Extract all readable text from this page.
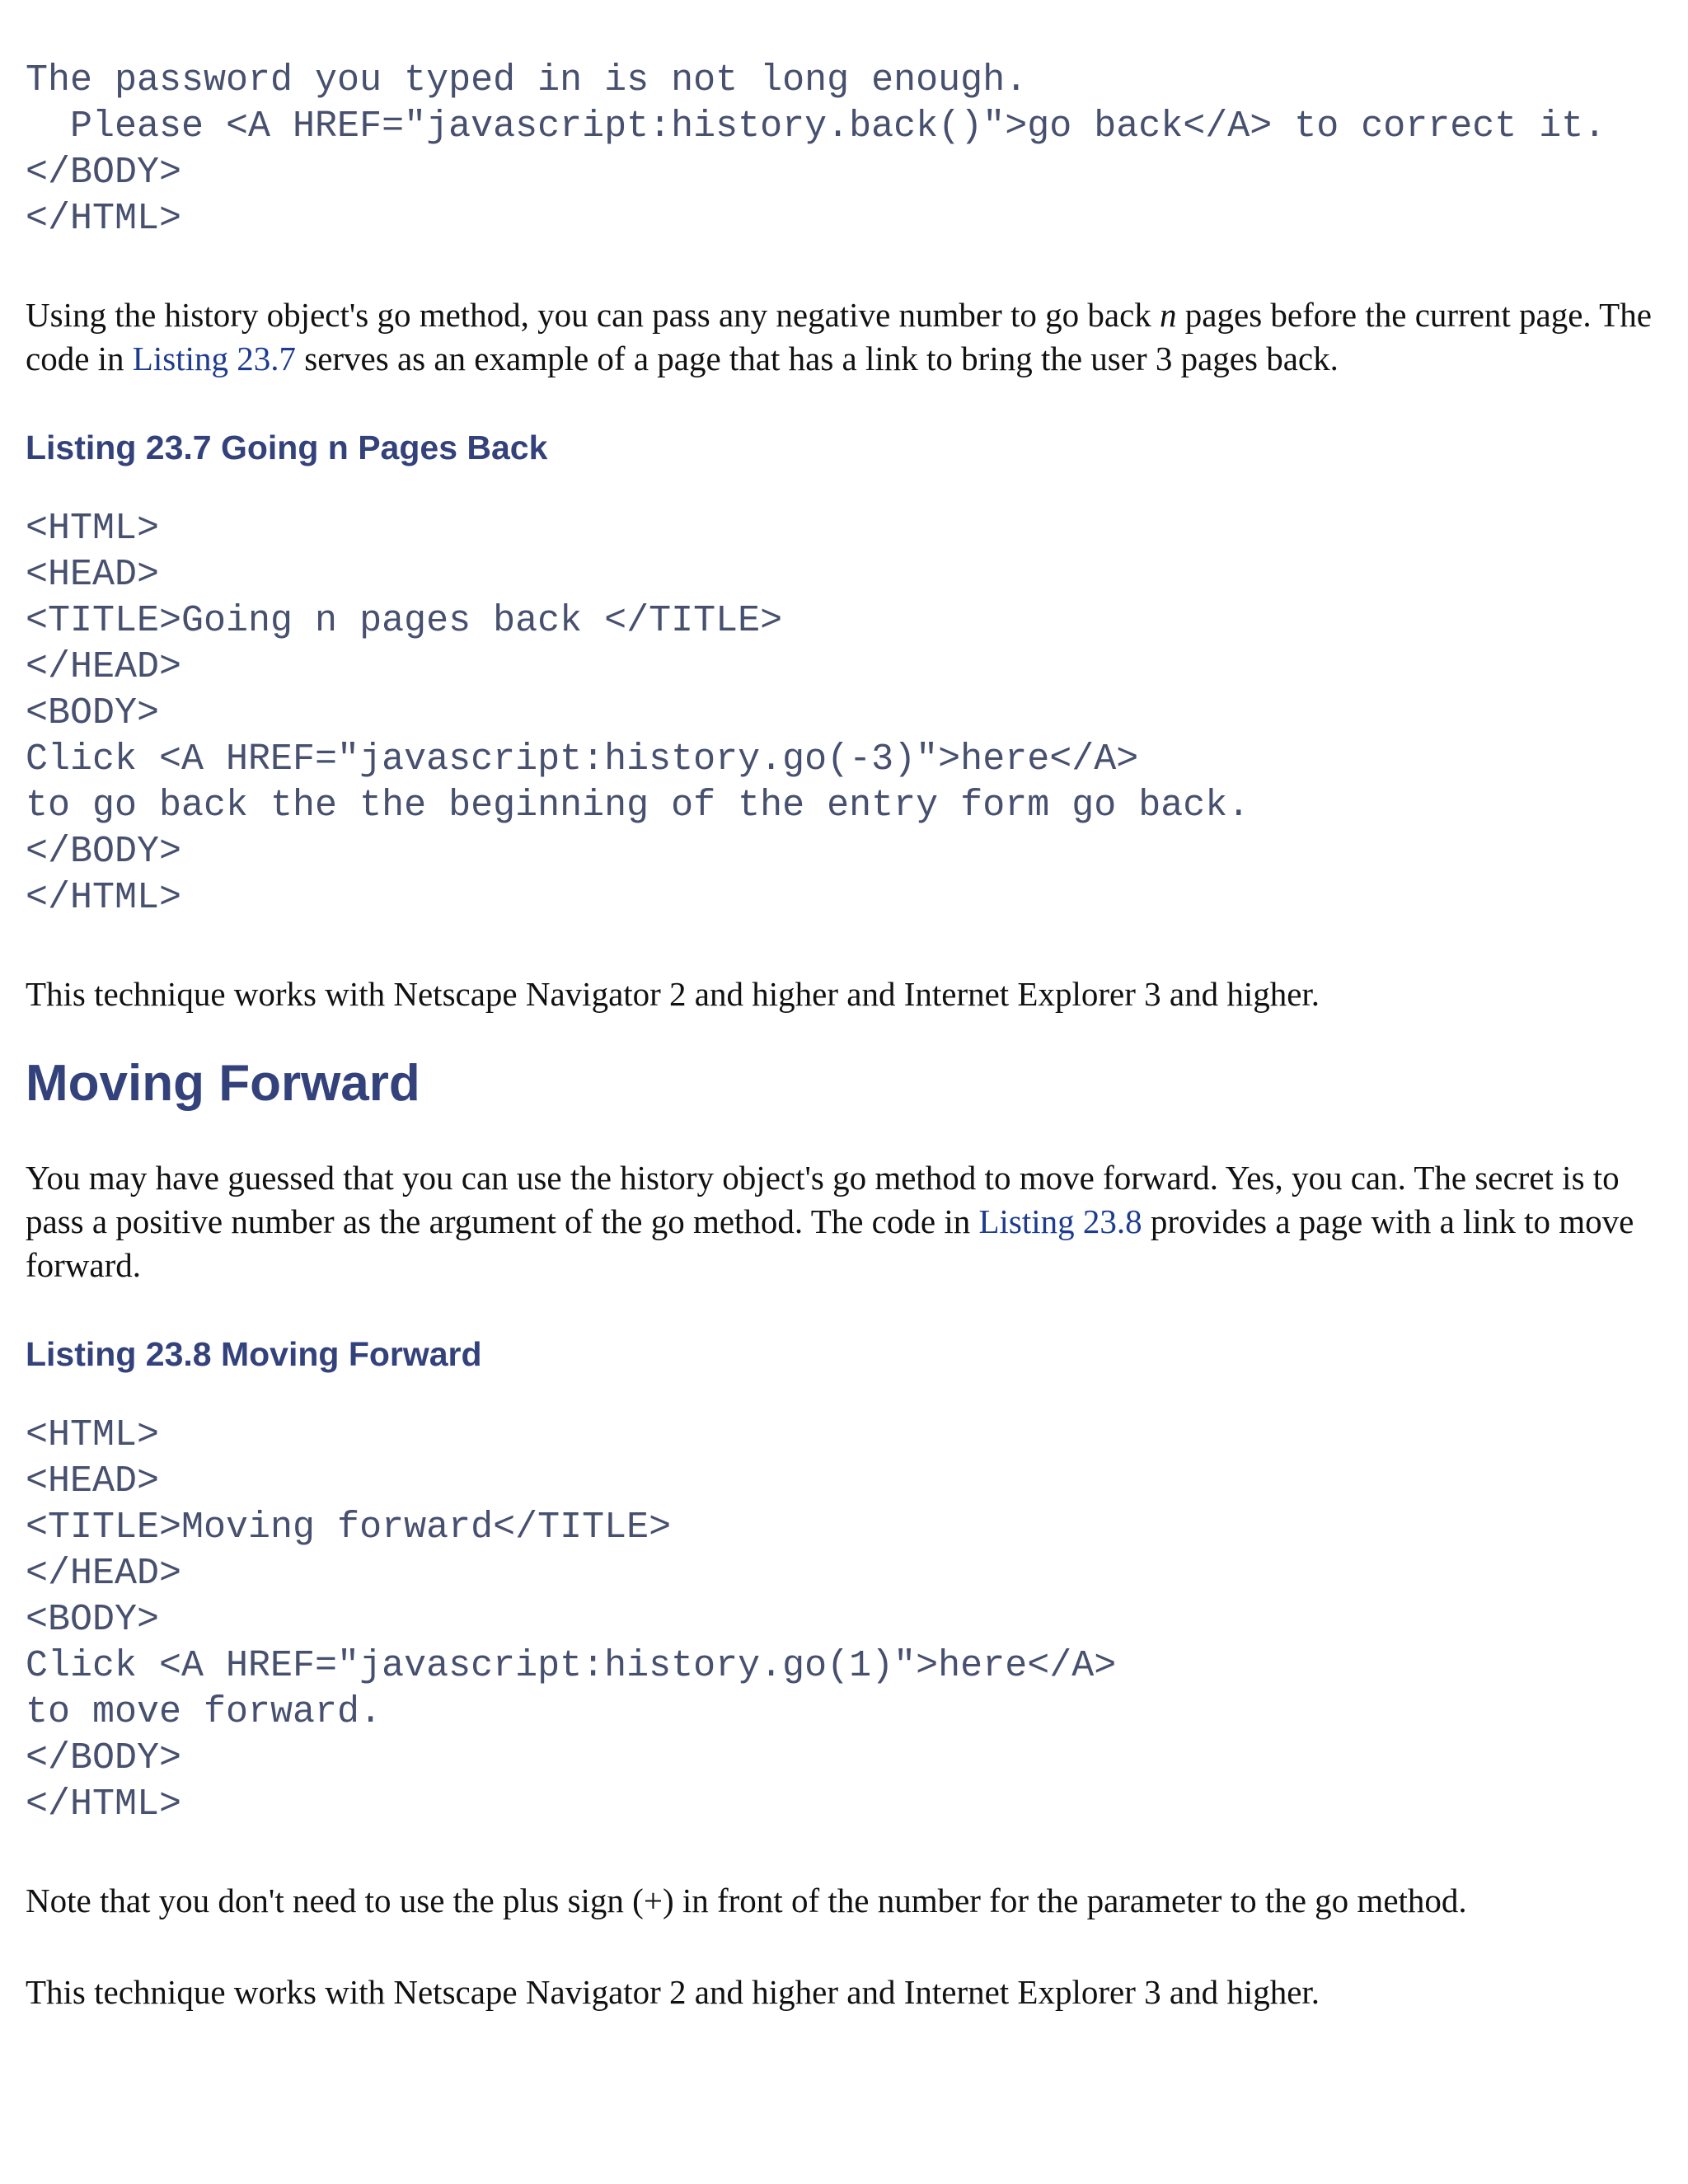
The password you typed in is not long enough.
Please <A HREF="javascript:history.back()">go back</A> to correct it.
</BODY>
</HTML>

Using the history object's go method, you can pass any negative number to go back n pages before the current page. The code in Listing 23.7 serves as an example of a page that has a link to bring the user 3 pages back.

Listing 23.7 Going n Pages Back

<HTML>
<HEAD>
<TITLE>Going n pages back </TITLE>
</HEAD>
<BODY>
Click <A HREF="javascript:history.go(-3)">here</A>
to go back the the beginning of the entry form go back.
</BODY>
</HTML>

This technique works with Netscape Navigator 2 and higher and Internet Explorer 3 and higher.

Moving Forward

You may have guessed that you can use the history object's go method to move forward. Yes, you can. The secret is to pass a positive number as the argument of the go method. The code in Listing 23.8 provides a page with a link to move forward.

Listing 23.8 Moving Forward

<HTML>
<HEAD>
<TITLE>Moving forward</TITLE>
</HEAD>
<BODY>
Click <A HREF="javascript:history.go(1)">here</A>
to move forward.
</BODY>
</HTML>

Note that you don't need to use the plus sign (+) in front of the number for the parameter to the go method.

This technique works with Netscape Navigator 2 and higher and Internet Explorer 3 and higher.
